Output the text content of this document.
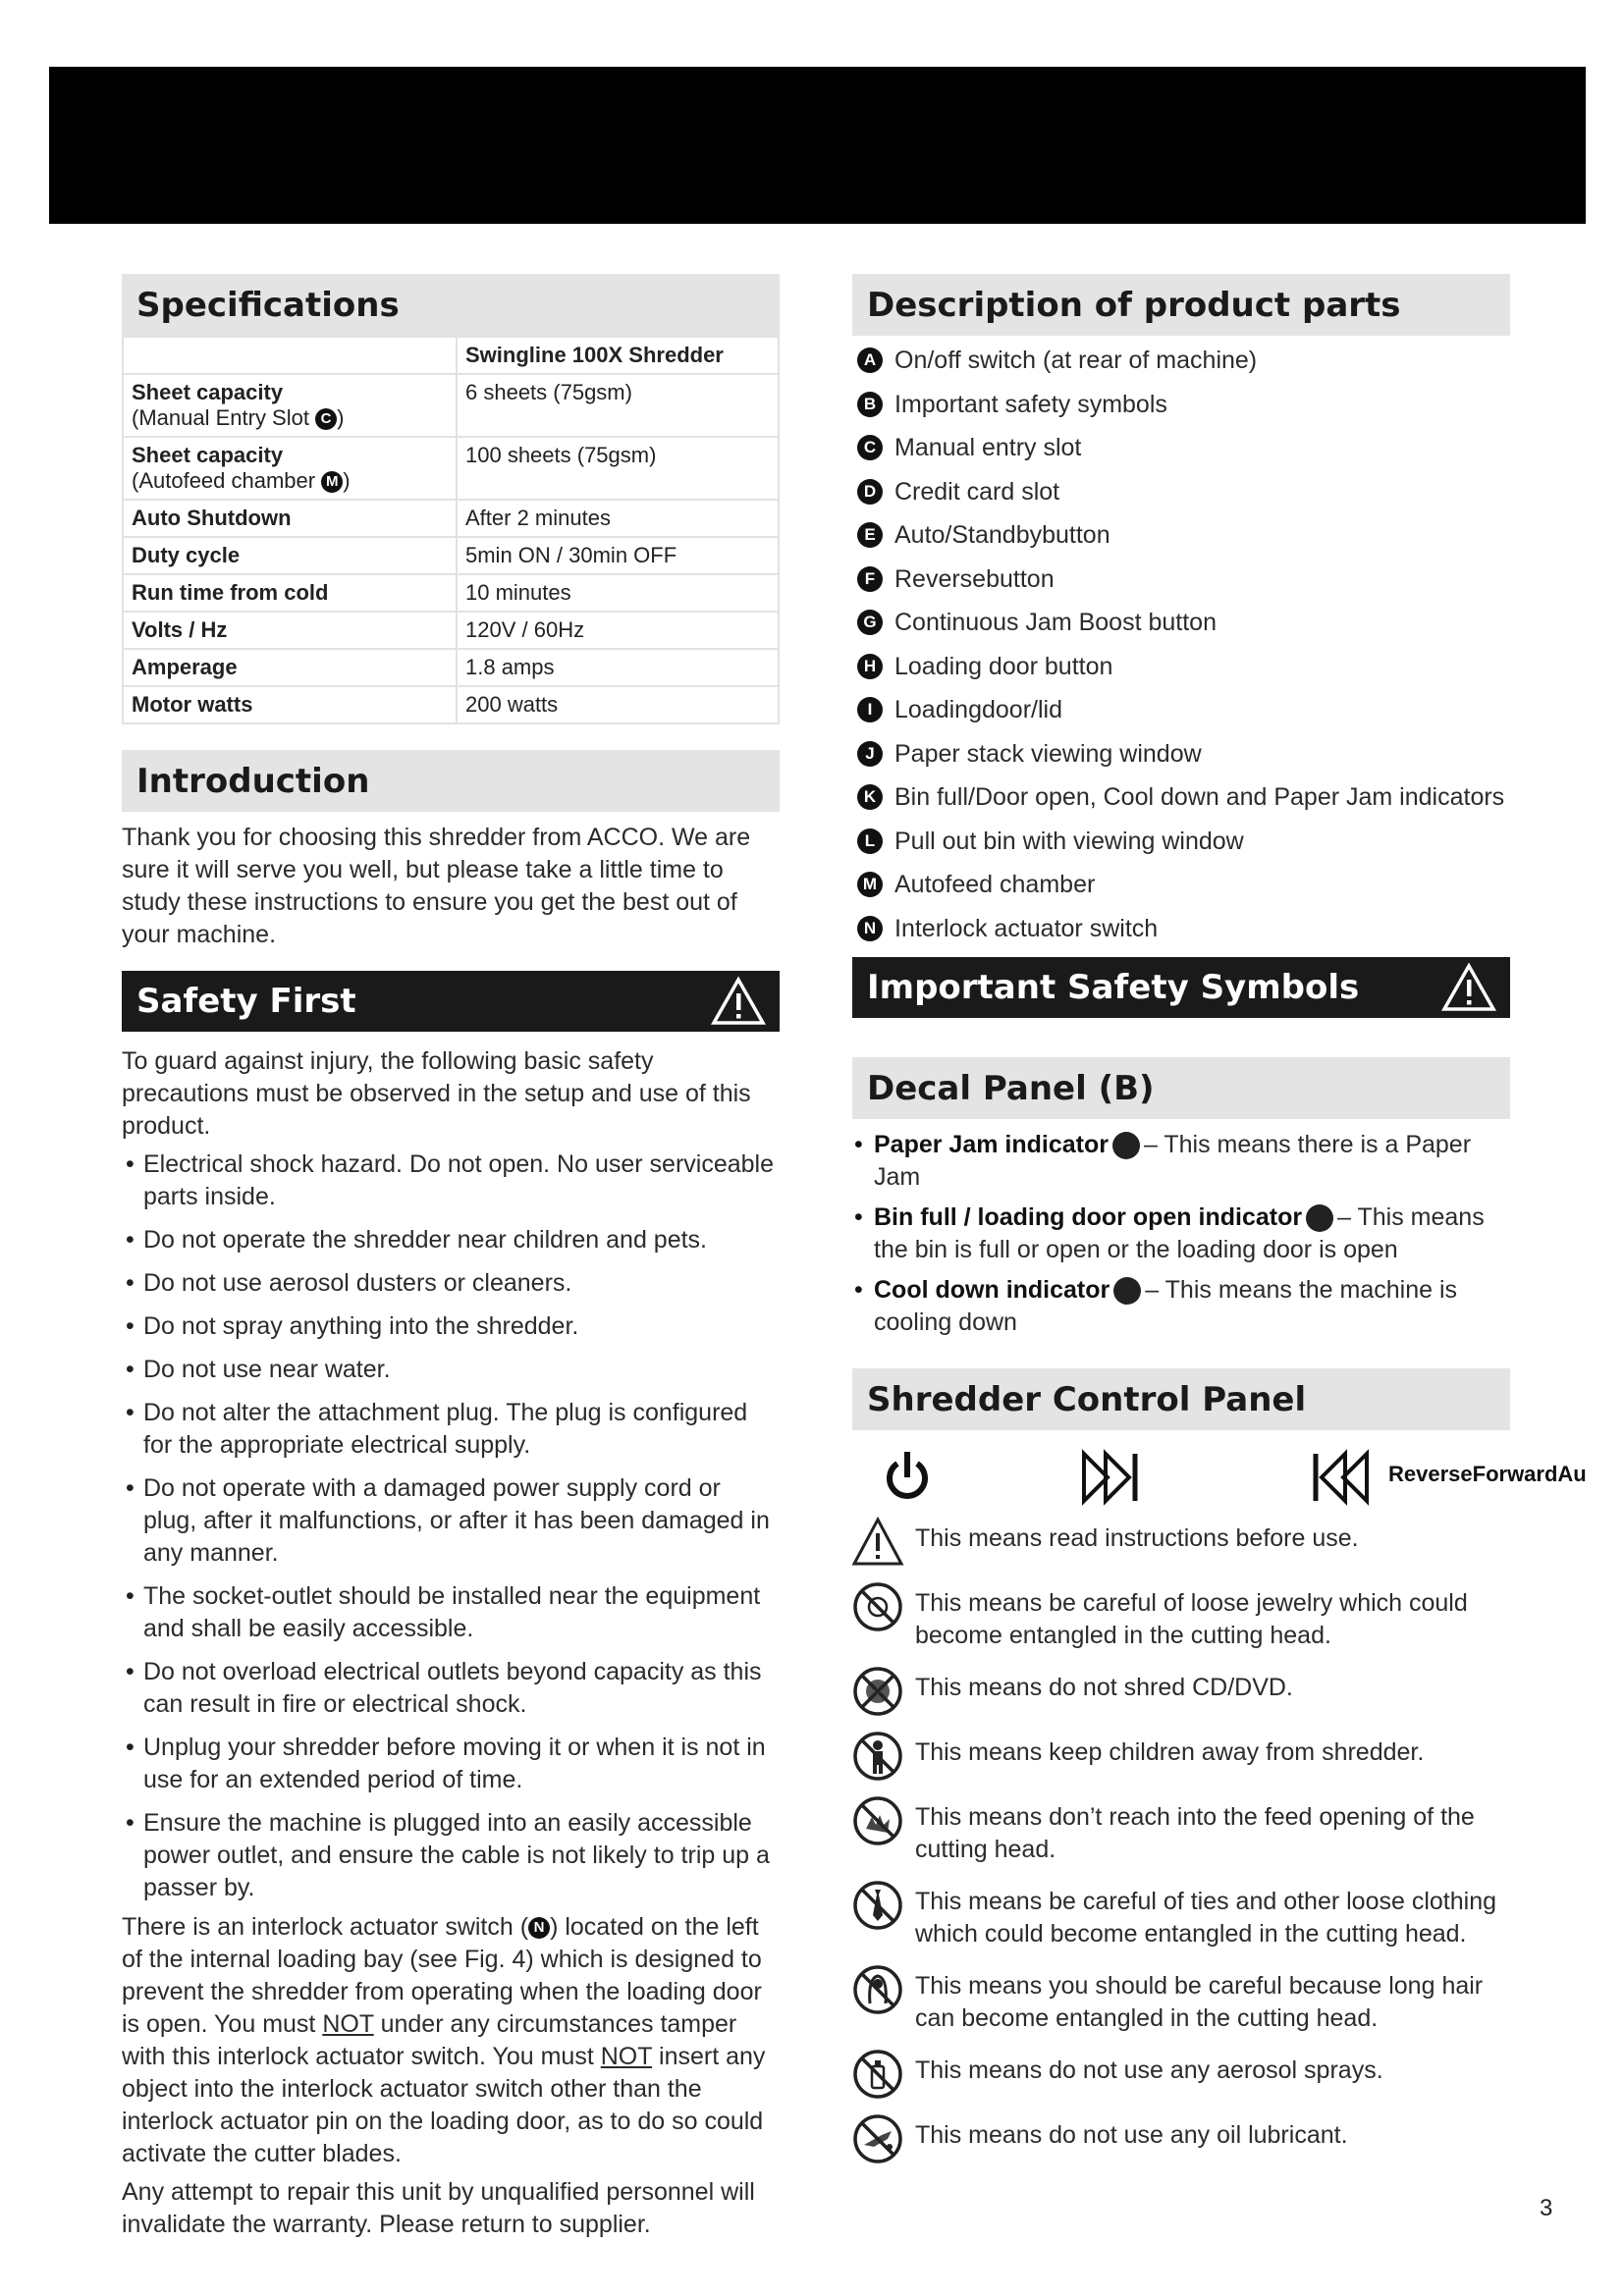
Specifications
	Swingline 100X Shredder
Sheet capacity
(Manual Entry Slot C )	6 sheets (75gsm)
Sheet capacity
(Autofeed chamber M )	100 sheets (75gsm)
Auto Shutdown	After 2 minutes
Duty cycle	5min ON / 30min OFF
Run time from cold	10 minutes
Volts / Hz	120V / 60Hz
Amperage	1.8 amps
Motor watts	200 watts
Introduction

Thank you for choosing this shredder from ACCO. We are sure it will serve you well, but please take a little time to study these instructions to ensure you get the best out of your machine.

Safety First

To guard against injury, the following basic safety precautions must be observed in the setup and use of this product.

• Electrical shock hazard. Do not open. No user serviceable parts inside.
• Do not operate the shredder near children and pets.
• Do not use aerosol dusters or cleaners.
• Do not spray anything into the shredder.
• Do not use near water.
• Do not alter the attachment plug. The plug is configured for the appropriate electrical supply.
• Do not operate with a damaged power supply cord or plug, after it malfunctions, or after it has been damaged in any manner.
• The socket-outlet should be installed near the equipment and shall be easily accessible.
• Do not overload electrical outlets beyond capacity as this can result in fire or electrical shock.
• Unplug your shredder before moving it or when it is not in use for an extended period of time.
• Ensure the machine is plugged into an easily accessible power outlet, and ensure the cable is not likely to trip up a passer by.

There is an interlock actuator switch ( N ) located on the left of the internal loading bay (see Fig. 4) which is designed to prevent the shredder from operating when the loading door is open. You must NOT under any circumstances tamper with this interlock actuator switch. You must NOT insert any object into the interlock actuator switch other than the interlock actuator pin on the loading door, as to do so could activate the cutter blades.

Any attempt to repair this unit by unqualified personnel will invalidate the warranty. Please return to supplier.

Description of product parts
A On/off switch (at rear of machine)
B Important safety symbols
C Manual entry slot
D Credit card slot
E Auto/Standbybutton
F Reversebutton
G Continuous Jam Boost button
H Loading door button
I Loadingdoor/lid
J Paper stack viewing window
K Bin full/Door open, Cool down and Paper Jam indicators
L Pull out bin with viewing window
M Autofeed chamber
N Interlock actuator switch
Important Safety Symbols
Decal Panel (B)
• Paper Jam indicator – This means there is a Paper Jam
• Bin full / loading door open indicator – This means the bin is full or open or the loading door is open
• Cool down indicator – This means the machine is cooling down
Shredder Control Panel
ReverseForwardAu
This means read instructions before use.
This means be careful of loose jewelry which could become entangled in the cutting head.
This means do not shred CD/DVD.
This means keep children away from shredder.
This means don’t reach into the feed opening of the cutting head.
This means be careful of ties and other loose clothing which could become entangled in the cutting head.
This means you should be careful because long hair can become entangled in the cutting head.
This means do not use any aerosol sprays.
This means do not use any oil lubricant.
3
